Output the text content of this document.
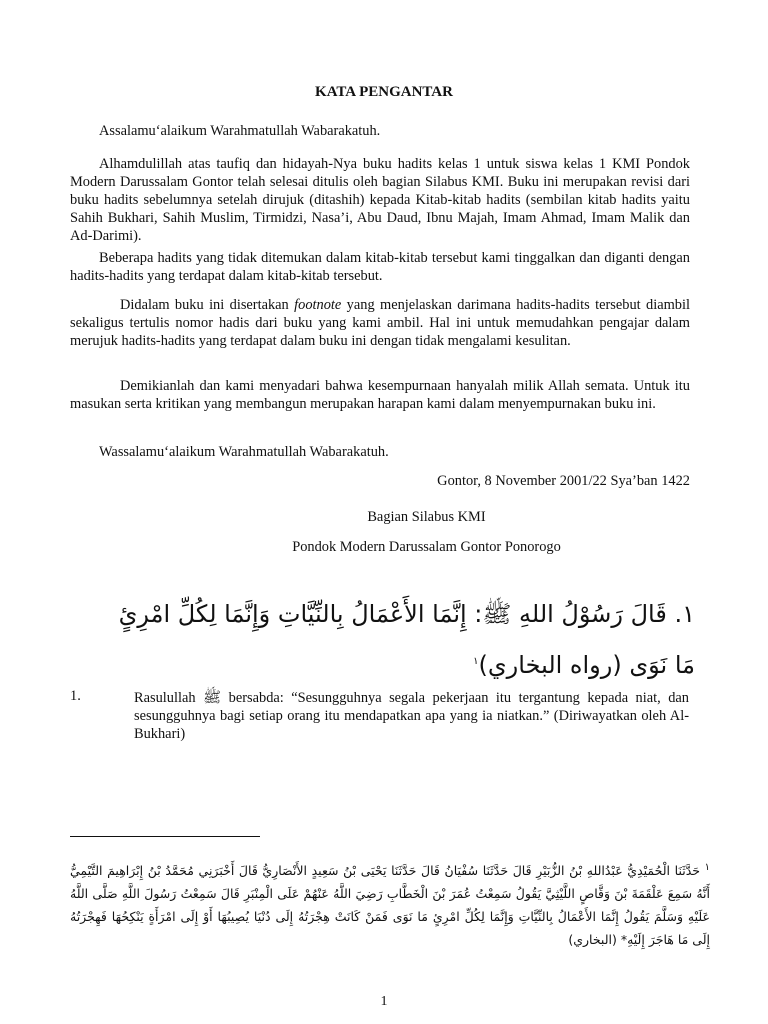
KATA PENGANTAR
Assalamu‘alaikum Warahmatullah Wabarakatuh.

Alhamdulillah atas taufiq dan hidayah-Nya buku hadits kelas 1 untuk siswa kelas 1 KMI Pondok Modern Darussalam Gontor telah selesai ditulis oleh bagian Silabus KMI. Buku ini merupakan revisi dari buku hadits sebelumnya setelah dirujuk (ditashih) kepada Kitab-kitab hadits (sembilan kitab hadits yaitu Sahih Bukhari, Sahih Muslim, Tirmidzi, Nasa’i, Abu Daud, Ibnu Majah, Imam Ahmad, Imam Malik dan Ad-Darimi).

Beberapa hadits yang tidak ditemukan dalam kitab-kitab tersebut kami tinggalkan dan diganti dengan hadits-hadits yang terdapat dalam kitab-kitab tersebut.

Didalam buku ini disertakan footnote yang menjelaskan darimana hadits-hadits tersebut diambil sekaligus tertulis nomor hadis dari buku yang kami ambil. Hal ini untuk memudahkan pengajar dalam merujuk hadits-hadits yang terdapat dalam buku ini dengan tidak mengalami kesulitan.

Demikianlah dan kami menyadari bahwa kesempurnaan hanyalah milik Allah semata. Untuk itu masukan serta kritikan yang membangun merupakan harapan kami dalam menyempurnakan buku ini.

Wassalamu‘alaikum Warahmatullah Wabarakatuh.
Gontor, 8 November 2001/22 Sya’ban 1422
Bagian Silabus KMI
Pondok Modern Darussalam Gontor Ponorogo
١. قَالَ رَسُوْلُ اللهِ ﷺ: إِنَّمَا الأَعْمَالُ بِالنِّيَّاتِ وَإِنَّمَا لِكُلِّ امْرِئٍ مَا نَوَى (رواه البخاري)$^١$
1.	Rasulullah ﷺ bersabda: “Sesungguhnya segala pekerjaan itu tergantung kepada niat, dan sesungguhnya bagi setiap orang itu mendapatkan apa yang ia niatkan.” (Diriwayatkan oleh Al-Bukhari)
$^١$ حَدَّثَنَا الْحُمَيْدِيُّ عَبْدُاللهِ بْنُ الزُّبَيْرِ قَالَ حَدَّثَنَا سُفْيَانُ قَالَ حَدَّثَنَا يَحْيَى بْنُ سَعِيدٍ الأَنْصَارِيُّ قَالَ أَخْبَرَنِي مُحَمَّدُ بْنُ إِبْرَاهِيمَ التَّيْمِيُّ أَنَّهُ سَمِعَ عَلْقَمَةَ بْنَ وَقَّاصٍ اللَّيْثِيَّ يَقُولُ سَمِعْتُ عُمَرَ بْنَ الْخَطَّابِ رَضِيَ اللَّهُ عَنْهُمْ عَلَى الْمِنْبَرِ قَالَ سَمِعْتُ رَسُولَ اللَّهِ صَلَّى اللَّهُ عَلَيْهِ وَسَلَّمَ يَقُولُ إِنَّمَا الأَعْمَالُ بِالنِّيَّاتِ وَإِنَّمَا لِكُلِّ امْرِئٍ مَا نَوَى فَمَنْ كَانَتْ هِجْرَتُهُ إِلَى دُنْيَا يُصِيبُهَا أَوْ إِلَى امْرَأَةٍ يَنْكِحُهَا فَهِجْرَتُهُ إِلَى مَا هَاجَرَ إِلَيْهِ* (البخاري)
1
